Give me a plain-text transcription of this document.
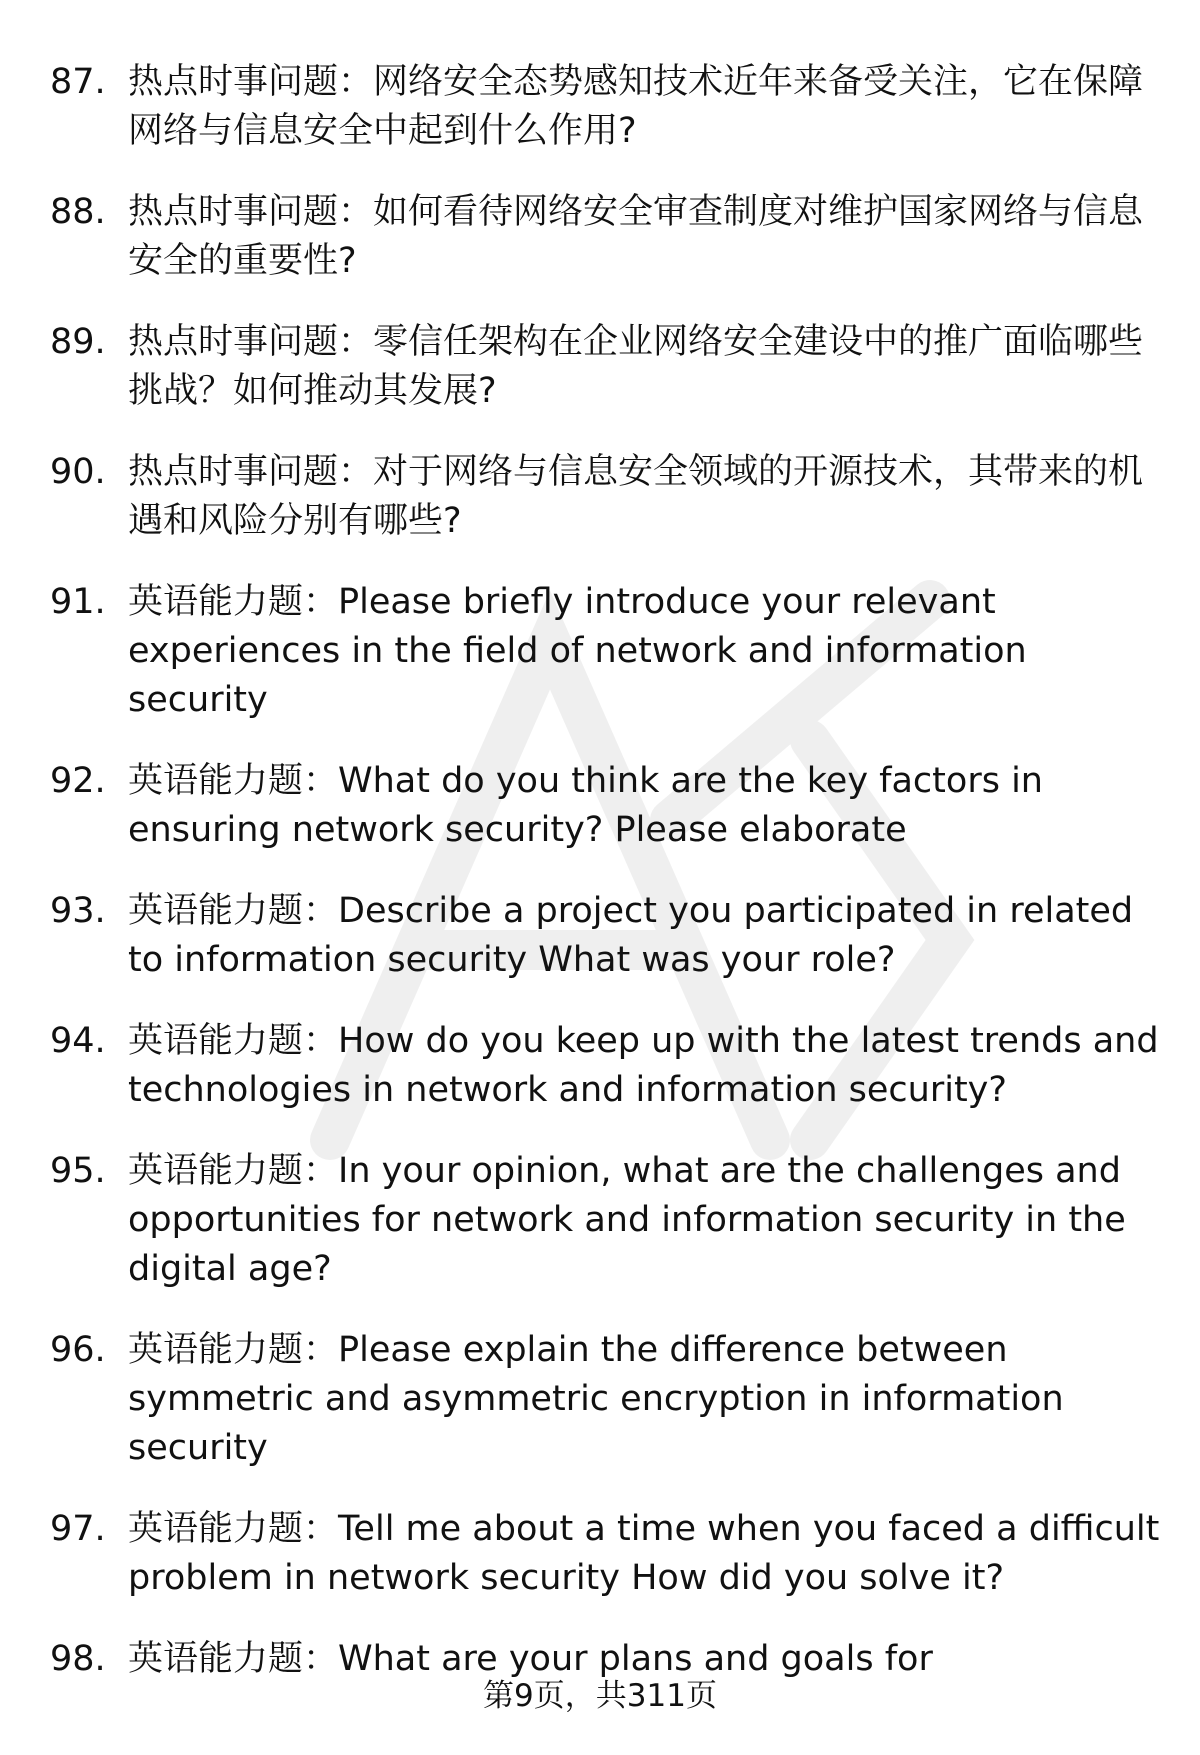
87. 热点时事问题：网络安全态势感知技术近年来备受关注，它在保障网络与信息安全中起到什么作用?
88. 热点时事问题：如何看待网络安全审查制度对维护国家网络与信息安全的重要性?
89. 热点时事问题：零信任架构在企业网络安全建设中的推广面临哪些挑战？如何推动其发展?
90. 热点时事问题：对于网络与信息安全领域的开源技术，其带来的机遇和风险分别有哪些?
91. 英语能力题：Please briefly introduce your relevant experiences in the field of network and information security
92. 英语能力题：What do you think are the key factors in ensuring network security? Please elaborate
93. 英语能力题：Describe a project you participated in related to information security What was your role?
94. 英语能力题：How do you keep up with the latest trends and technologies in network and information security?
95. 英语能力题：In your opinion, what are the challenges and opportunities for network and information security in the digital age?
96. 英语能力题：Please explain the difference between symmetric and asymmetric encryption in information security
97. 英语能力题：Tell me about a time when you faced a difficult problem in network security How did you solve it?
98. 英语能力题：What are your plans and goals for
第9页，共311页
